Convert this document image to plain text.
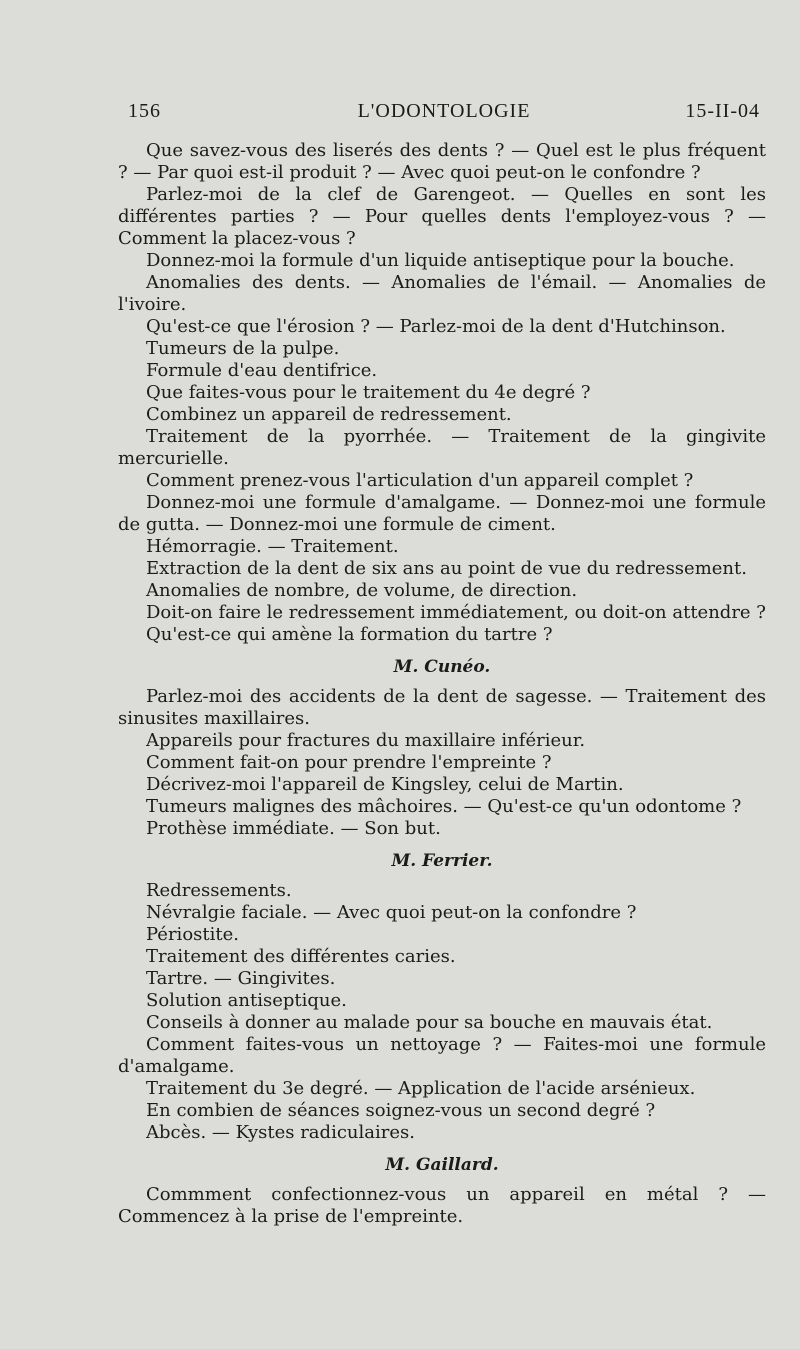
156	L'ODONTOLOGIE	15-II-04

Que savez-vous des liserés des dents ? — Quel est le plus fréquent ? — Par quoi est-il produit ? — Avec quoi peut-on le confondre ?

Parlez-moi de la clef de Garengeot. — Quelles en sont les différentes parties ? — Pour quelles dents l'employez-vous ? — Comment la placez-vous ?

Donnez-moi la formule d'un liquide antiseptique pour la bouche.

Anomalies des dents. — Anomalies de l'émail. — Anomalies de l'ivoire.

Qu'est-ce que l'érosion ? — Parlez-moi de la dent d'Hutchinson.

Tumeurs de la pulpe.

Formule d'eau dentifrice.

Que faites-vous pour le traitement du 4e degré ?

Combinez un appareil de redressement.

Traitement de la pyorrhée. — Traitement de la gingivite mercurielle.

Comment prenez-vous l'articulation d'un appareil complet ?

Donnez-moi une formule d'amalgame. — Donnez-moi une formule de gutta. — Donnez-moi une formule de ciment.

Hémorragie. — Traitement.

Extraction de la dent de six ans au point de vue du redressement.

Anomalies de nombre, de volume, de direction.

Doit-on faire le redressement immédiatement, ou doit-on attendre ?

Qu'est-ce qui amène la formation du tartre ?

M. Cunéo.

Parlez-moi des accidents de la dent de sagesse. — Traitement des sinusites maxillaires.

Appareils pour fractures du maxillaire inférieur.

Comment fait-on pour prendre l'empreinte ?

Décrivez-moi l'appareil de Kingsley, celui de Martin.

Tumeurs malignes des mâchoires. — Qu'est-ce qu'un odontome ?

Prothèse immédiate. — Son but.

M. Ferrier.

Redressements.

Névralgie faciale. — Avec quoi peut-on la confondre ?

Périostite.

Traitement des différentes caries.

Tartre. — Gingivites.

Solution antiseptique.

Conseils à donner au malade pour sa bouche en mauvais état.

Comment faites-vous un nettoyage ? — Faites-moi une formule d'amalgame.

Traitement du 3e degré. — Application de l'acide arsénieux.

En combien de séances soignez-vous un second degré ?

Abcès. — Kystes radiculaires.

M. Gaillard.

Commment confectionnez-vous un appareil en métal ? — Commencez à la prise de l'empreinte.
